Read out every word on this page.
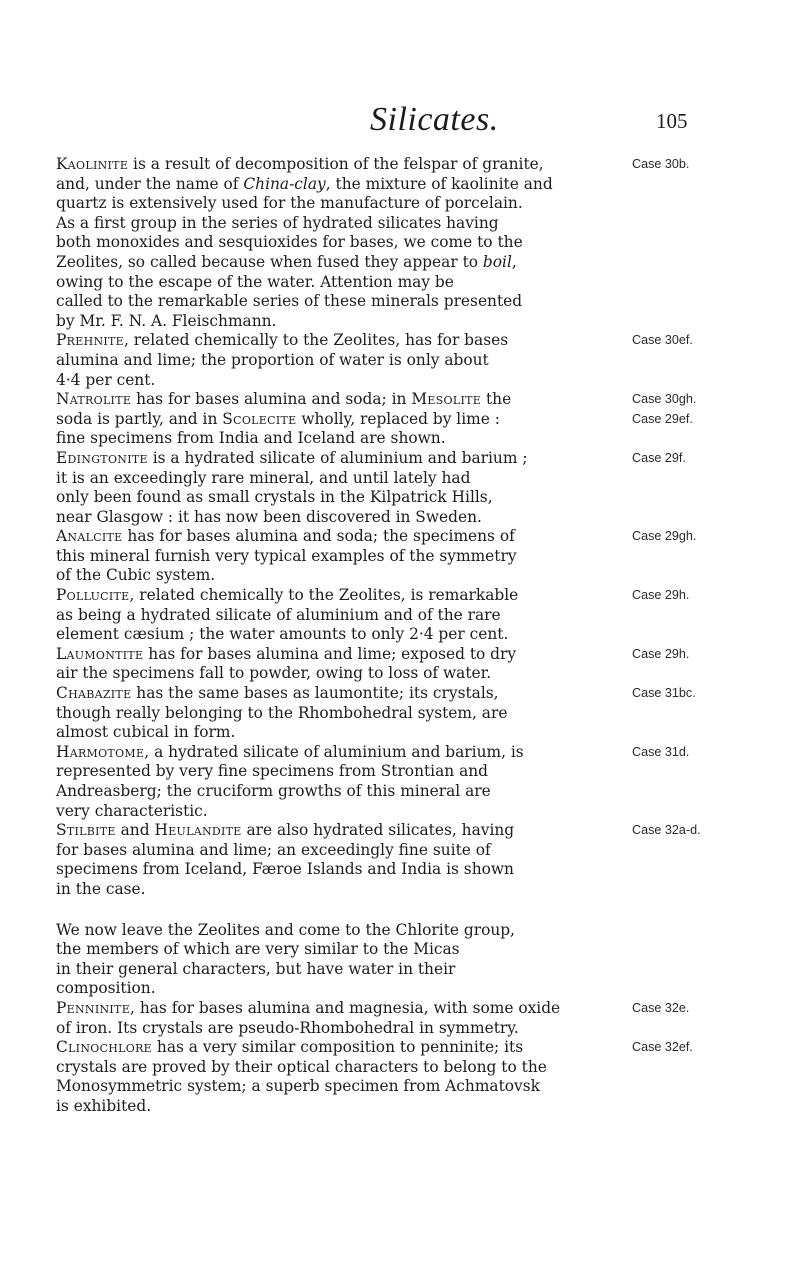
Silicates.	105
Case 30b.
Kaolinite is a result of decomposition of the felspar of granite,
and, under the name of China-clay, the mixture of kaolinite and
quartz is extensively used for the manufacture of porcelain.
As a first group in the series of hydrated silicates having
both monoxides and sesquioxides for bases, we come to the
Zeolites, so called because when fused they appear to boil,
owing to the escape of the water. Attention may be
called to the remarkable series of these minerals presented
by Mr. F. N. A. Fleischmann.
Case 30ef.
Prehnite, related chemically to the Zeolites, has for bases
alumina and lime; the proportion of water is only about
4·4 per cent.
Case 30gh.
Case 29ef.
Natrolite has for bases alumina and soda; in Mesolite the
soda is partly, and in Scolecite wholly, replaced by lime :
fine specimens from India and Iceland are shown.
Case 29f.
Edingtonite is a hydrated silicate of aluminium and barium ;
it is an exceedingly rare mineral, and until lately had
only been found as small crystals in the Kilpatrick Hills,
near Glasgow : it has now been discovered in Sweden.
Case 29gh.
Analcite has for bases alumina and soda; the specimens of
this mineral furnish very typical examples of the symmetry
of the Cubic system.
Case 29h.
Pollucite, related chemically to the Zeolites, is remarkable
as being a hydrated silicate of aluminium and of the rare
element cæsium ; the water amounts to only 2·4 per cent.
Case 29h.
Laumontite has for bases alumina and lime; exposed to dry
air the specimens fall to powder, owing to loss of water.
Case 31bc.
Chabazite has the same bases as laumontite; its crystals,
though really belonging to the Rhombohedral system, are
almost cubical in form.
Case 31d.
Harmotome, a hydrated silicate of aluminium and barium, is
represented by very fine specimens from Strontian and
Andreasberg; the cruciform growths of this mineral are
very characteristic.
Case 32a-d.
Stilbite and Heulandite are also hydrated silicates, having
for bases alumina and lime; an exceedingly fine suite of
specimens from Iceland, Færoe Islands and India is shown
in the case.
We now leave the Zeolites and come to the Chlorite group,
the members of which are very similar to the Micas
in their general characters, but have water in their
composition.
Case 32e.
Penninite, has for bases alumina and magnesia, with some oxide
of iron. Its crystals are pseudo-Rhombohedral in symmetry.
Case 32ef.
Clinochlore has a very similar composition to penninite; its
crystals are proved by their optical characters to belong to the
Monosymmetric system; a superb specimen from Achmatovsk
is exhibited.
